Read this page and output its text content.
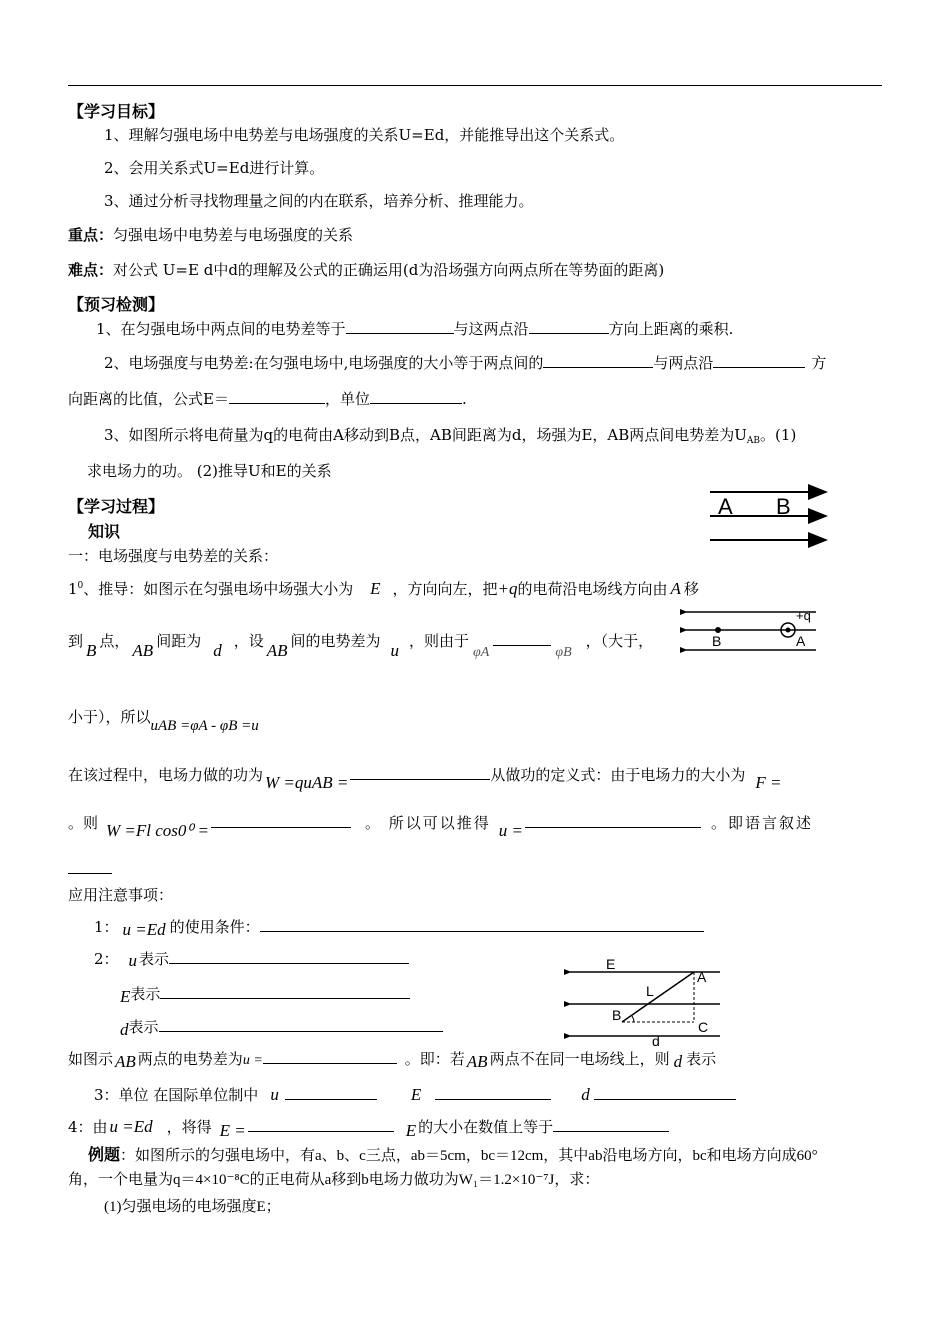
【学习目标】
1、理解匀强电场中电势差与电场强度的关系U=Ed，并能推导出这个关系式。
2、会用关系式U=Ed进行计算。
3、通过分析寻找物理量之间的内在联系，培养分析、推理能力。
重点：匀强电场中电势差与电场强度的关系
难点：对公式 U=E d中d的理解及公式的正确运用(d为沿场强方向两点所在等势面的距离)
【预习检测】
1、在匀强电场中两点间的电势差等于	与这两点沿	方向上距离的乘积.
2、电场强度与电势差:在匀强电场中,电场强度的大小等于两点间的	与两点沿	方
向距离的比值，公式E＝	，单位	.
3、如图所示将电荷量为q的电荷由A移动到B点，AB间距离为d，场强为E，AB两点间电势差为$U_{AB}$。(1)
求电场力的功。 (2)推导U和E的关系
A B
【学习过程】
知识
一：电场强度与电势差的关系：
$1^0$、推导：如图示在匀强电场中场强大小为 E ，方向向左，把+q的电荷沿电场线方向由 A 移
+q
B	A
到 B 点， AB 间距为 d ，设 AB 间的电势差为 u ，则由于φA	φB，（大于，
小于），所以uAB =φA - φB =u
在该过程中，电场力做的功为 W =quAB =	从做功的定义式：由于电场力的大小为 F =
。则 W =Fl cos0⁰ =	。 所以可以推得 u =	。即语言叙述
应用注意事项：
1： u =Ed 的使用条件：
2： u 表示
E表示
d表示
E
A
L
B
C
d
如图示 AB 两点的电势差为u =	。即：若 AB 两点不在同一电场线上，则 d 表示
3：单位 在国际单位制中 u	E	d
4：由 u =Ed ，将得 E =	E 的大小在数值上等于
例题：如图所示的匀强电场中，有a、b、c三点，ab＝5cm，bc＝12cm，其中ab沿电场方向，bc和电场方向成60°
角，一个电量为q＝4×10⁻⁸C的正电荷从a移到b电场力做功为W₁＝1.2×10⁻⁷J，求：
(1)匀强电场的电场强度E；
